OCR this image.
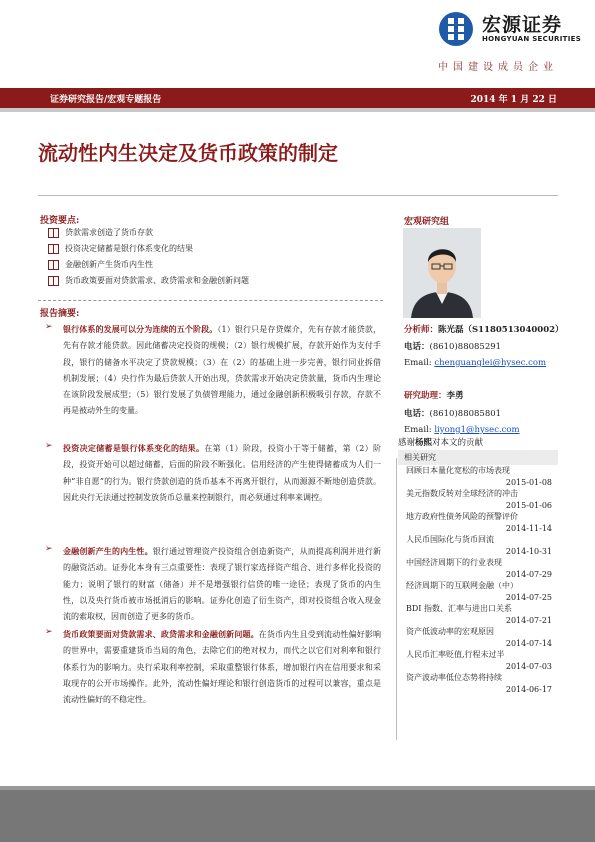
宏源证券
HONGYUAN SECURITIES
中国建设成员企业
证券研究报告/宏观专题报告	2014 年 1 月 22 日
流动性内生决定及货币政策的制定
投资要点:
贷款需求创造了货币存款
投资决定储蓄是银行体系变化的结果
金融创新产生货币内生性
货币政策要面对贷款需求、政贷需求和金融创新问题
报告摘要:
➢ 银行体系的发展可以分为连续的五个阶段。（1）银行只是存贷媒介，先有存款才能贷款，先有存款才能贷款。因此储蓄决定投资的规模；（2）银行规模扩展，存款开始作为支付手段，银行的储备水平决定了贷款规模；（3）在（2）的基础上进一步完善，银行同业拆借机制发展；（4）央行作为最后贷款人开始出现，贷款需求开始决定贷款量，货币内生理论在该阶段发展成型；（5）银行发展了负债管理能力，通过金融创新积极吸引存款，存款不再是被动外生的变量。
➢ 投资决定储蓄是银行体系变化的结果。在第（1）阶段，投资小于等于储蓄，第（2）阶段，投资开始可以超过储蓄，后面的阶段不断强化。信用经济的产生使得储蓄成为人们一种“非自愿”的行为。银行贷款创造的货币基本不再离开银行，从而源源不断地创造贷款。因此央行无法通过控制发放货币总量来控制银行，而必须通过利率来调控。
➢ 金融创新产生的内生性。银行通过管理资产投资组合创造新资产，从而提高利润并进行新的融资活动。证券化本身有三点重要性：表现了银行家选择资产组合、进行多样化投资的能力；说明了银行的财富（储备）并不是增强银行信贷的唯一途径；表现了货币的内生性，以及央行货币被市场抵消后的影响。证券化创造了衍生资产，即对投资组合收入现金流的索取权，因而创造了更多的货币。
➢ 货币政策要面对贷款需求、政贷需求和金融创新问题。在货币内生且受到流动性偏好影响的世界中，需要重建货币当局的角色，去除它们的绝对权力，而代之以它们对利率和银行体系行为的影响力。央行采取利率控制，采取重整银行体系，增加银行内在信用要求和采取现存的公开市场操作。此外，流动性偏好理论和银行创造货币的过程可以兼容，重点是流动性偏好的不稳定性。
宏观研究组
分析师：陈光磊（S1180513040002）
电话：(8610)88085291
Email: chenguanglei@hysec.com
研究助理：李勇
电话：(8610)88085801
Email: liyong1@hysec.com
感谢杨熙对本文的贡献
相关研究
回顾日本量化宽松的市场表现
2015-01-08
美元指数反转对全球经济的冲击
2015-01-06
地方政府性债务风险的预警评价
2014-11-14
人民币国际化与货币回流
2014-10-31
中国经济周期下的行业表现
2014-07-29
经济周期下的互联网金融（中）
2014-07-25
BDI 指数、汇率与进出口关系
2014-07-21
资产低波动率的宏观原因
2014-07-14
人民币汇率贬值,行程未过半
2014-07-03
资产波动率低位态势将持续
2014-06-17
